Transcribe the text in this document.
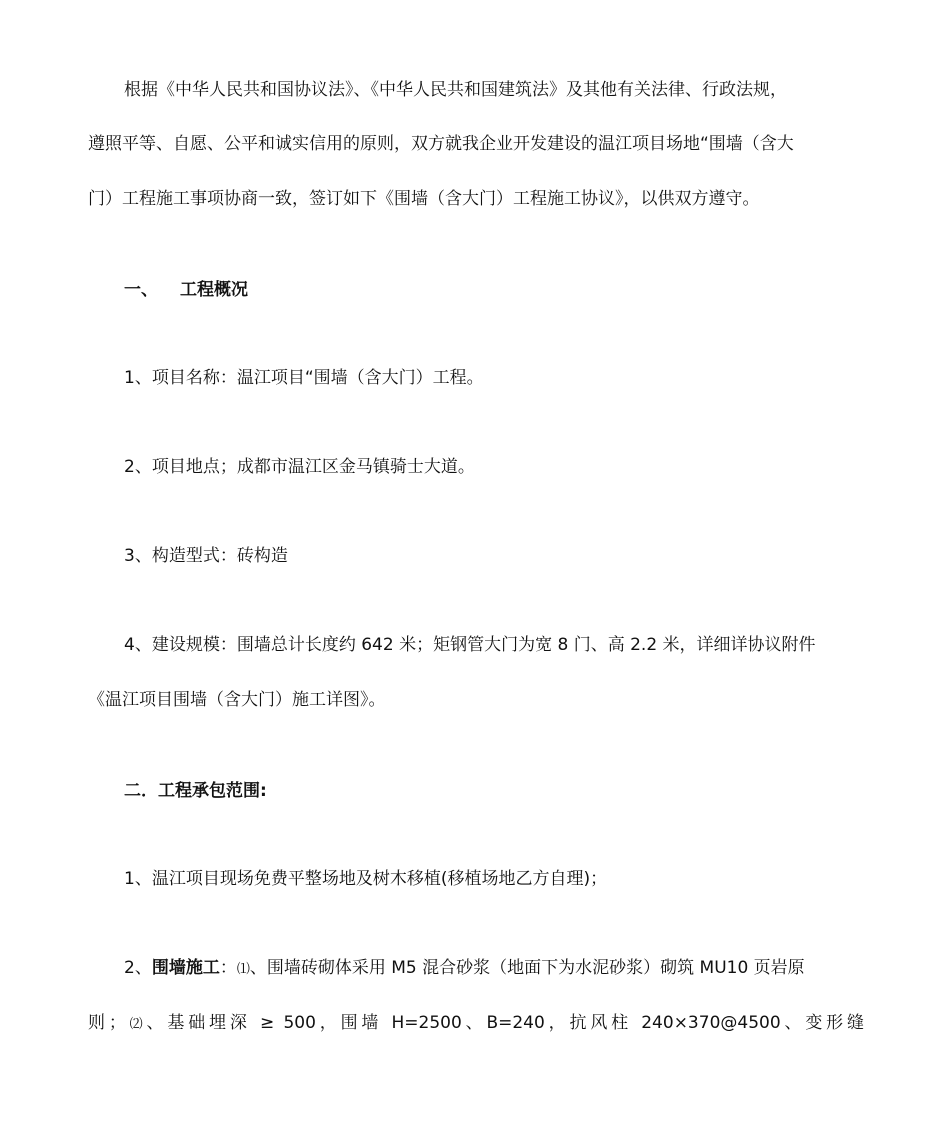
根据《中华人民共和国协议法》、《中华人民共和国建筑法》及其他有关法律、行政法规，
遵照平等、自愿、公平和诚实信用的原则，双方就我企业开发建设的温江项目场地“围墙（含大
门）工程施工事项协商一致，签订如下《围墙（含大门）工程施工协议》，以供双方遵守。
一、 工程概况
1、项目名称：温江项目“围墙（含大门）工程。
2、项目地点；成都市温江区金马镇骑士大道。
3、构造型式：砖构造
4、建设规模：围墙总计长度约 642 米；矩钢管大门为宽 8 门、高 2.2 米，详细详协议附件
《温江项目围墙（含大门）施工详图》。
二．工程承包范围:
1、温江项目现场免费平整场地及树木移植(移植场地乙方自理)；
2、围墙施工：⑴、围墙砖砌体采用 M5 混合砂浆（地面下为水泥砂浆）砌筑 MU10 页岩原
则；⑵、基础埋深 ≥ 500，围墙 H=2500、B=240，抗风柱 240×370@4500、变形缝
